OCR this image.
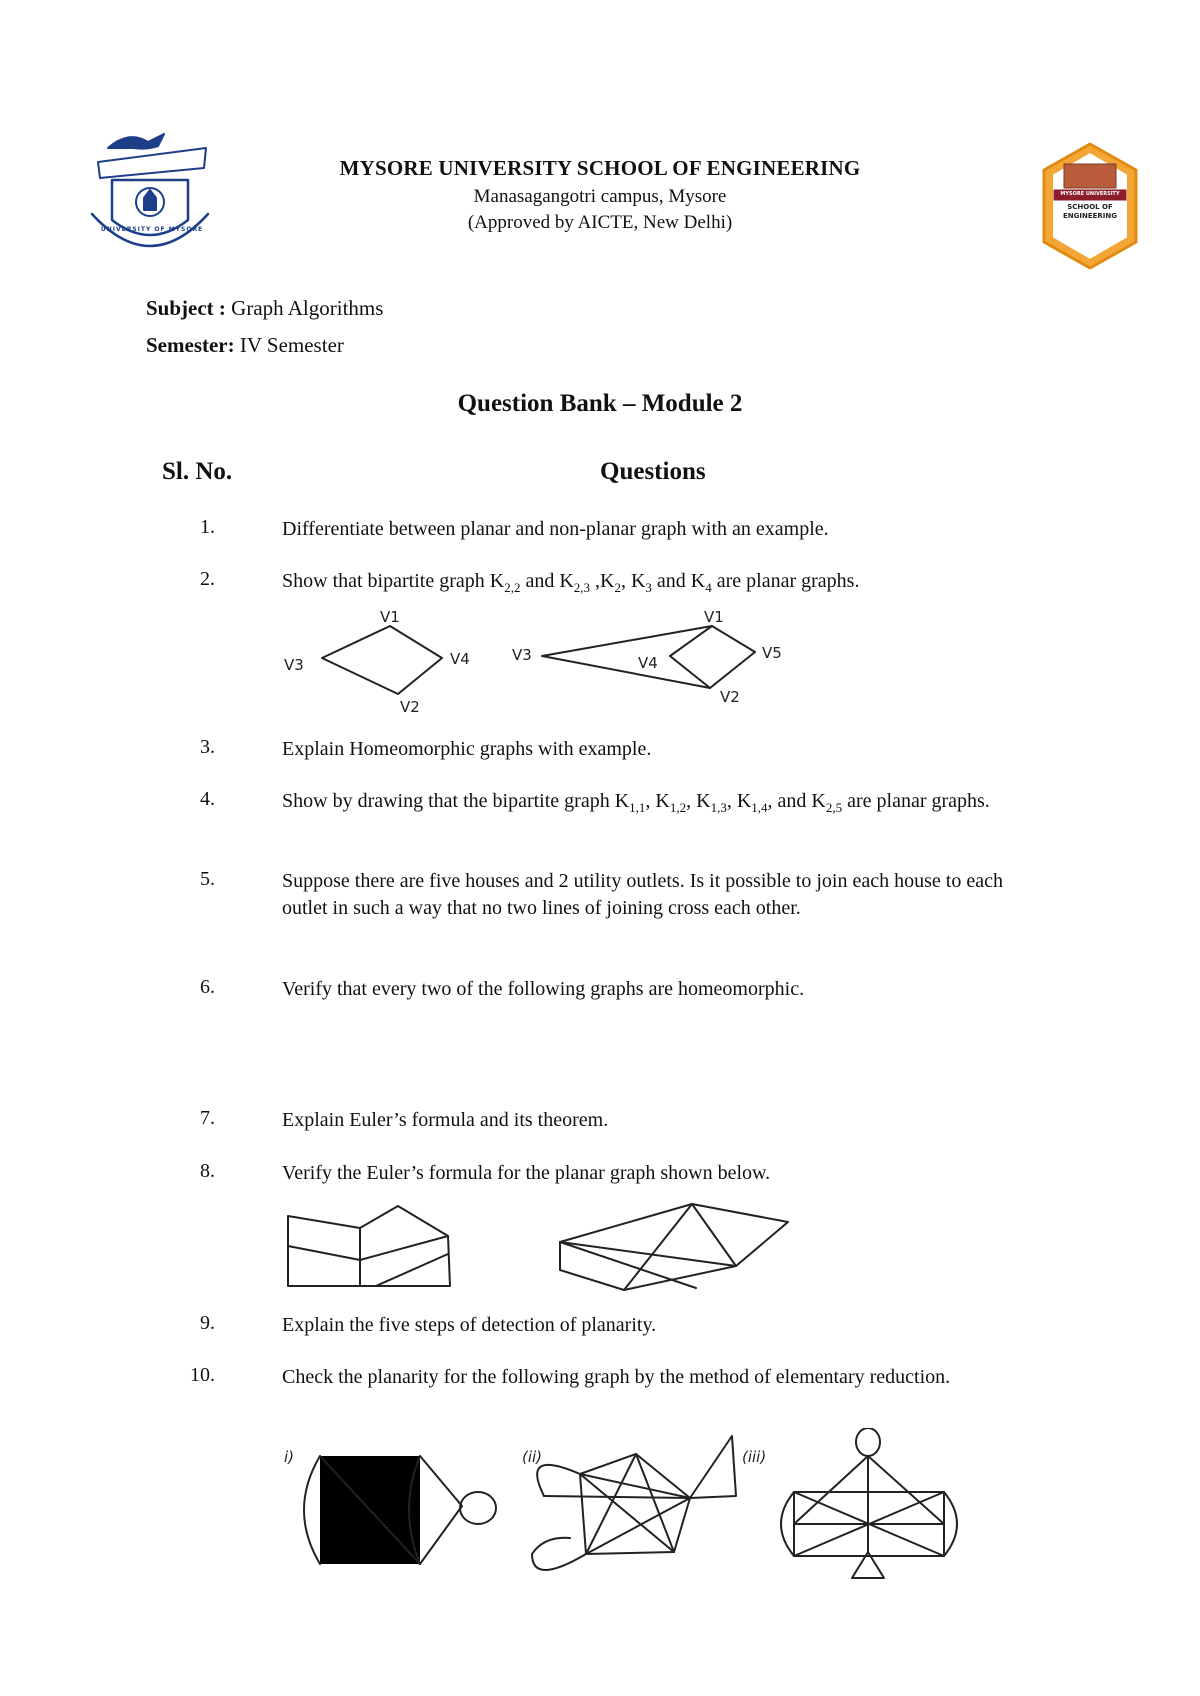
UNIVERSITY OF MYSORE
MYSORE UNIVERSITY
SCHOOL OF
ENGINEERING
MYSORE UNIVERSITY SCHOOL OF ENGINEERING
Manasagangotri campus, Mysore
(Approved by AICTE, New Delhi)
Subject : Graph Algorithms
Semester: IV Semester
Question Bank – Module 2
Sl. No.	Questions
1.	Differentiate between planar and non-planar graph with an example.
2.	Show that bipartite graph $K_{2,2}$ and $K_{2,3}$ $,K_2$, $K_3$ and $K_4$ are planar graphs.
V1
V4
V3
V2
V1
V3	V4
V5
V2
3.	Explain Homeomorphic graphs with example.
4.	Show by drawing that the bipartite graph $K_{1,1}$, $K_{1,2}$, $K_{1,3}$, $K_{1,4}$, and $K_{2,5}$ are planar graphs.
5.	Suppose there are five houses and 2 utility outlets. Is it possible to join each house to each outlet in such a way that no two lines of joining cross each other.
6.	Verify that every two of the following graphs are homeomorphic.
7.	Explain Euler’s formula and its theorem.
8.	Verify the Euler’s formula for the planar graph shown below.
9.	Explain the five steps of detection of planarity.
10.	Check the planarity for the following graph by the method of elementary reduction.
i)	(ii)	(iii)
